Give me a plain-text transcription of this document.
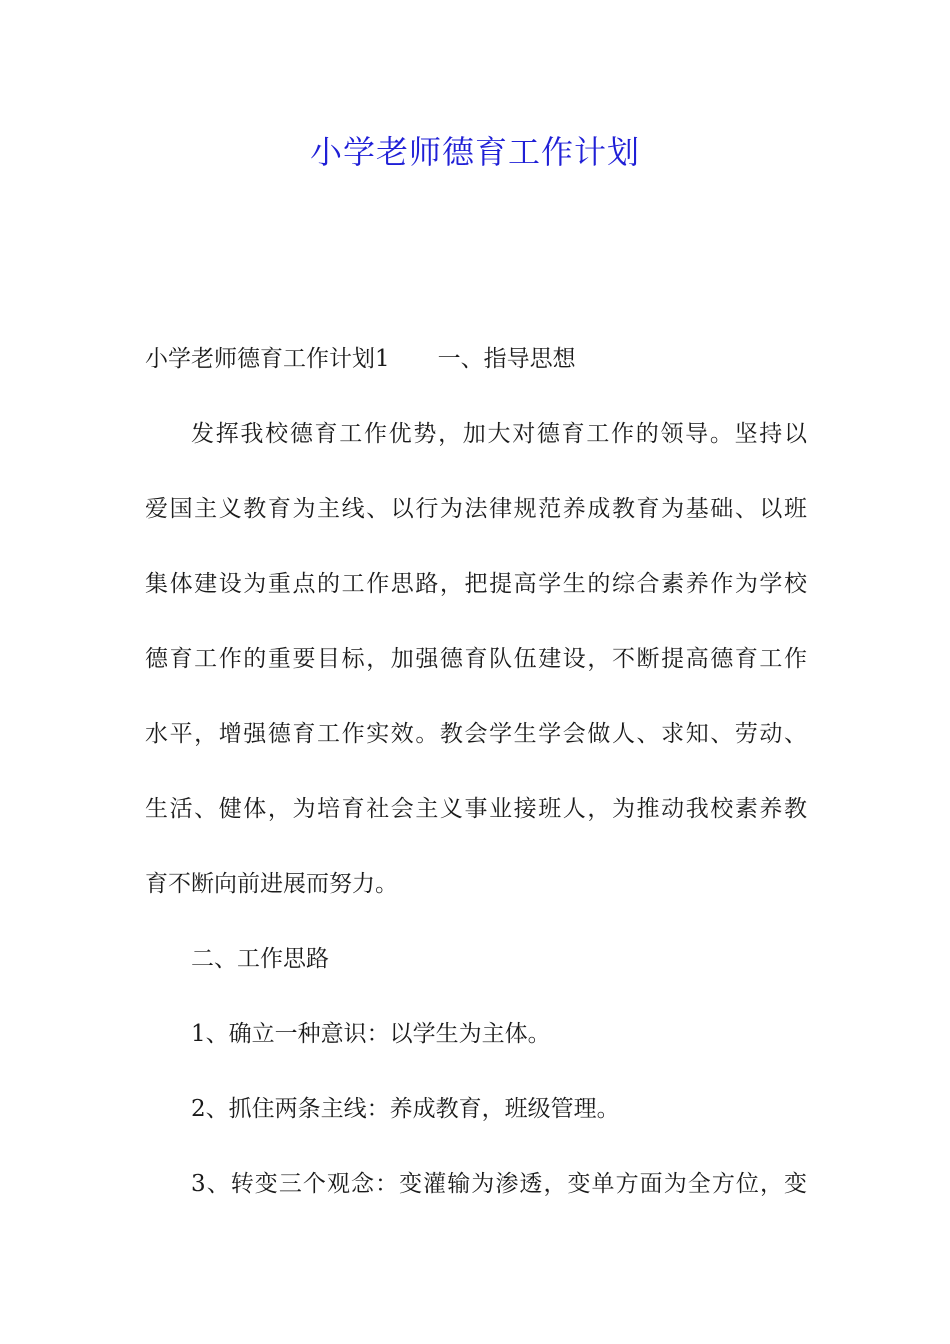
小学老师德育工作计划
小学老师德育工作计划1 一、指导思想
发挥我校德育工作优势，加大对德育工作的领导。坚持以
爱国主义教育为主线、以行为法律规范养成教育为基础、以班
集体建设为重点的工作思路，把提高学生的综合素养作为学校
德育工作的重要目标，加强德育队伍建设，不断提高德育工作
水平，增强德育工作实效。教会学生学会做人、求知、劳动、
生活、健体，为培育社会主义事业接班人，为推动我校素养教
育不断向前进展而努力。
二、工作思路
1、确立一种意识：以学生为主体。
2、抓住两条主线：养成教育，班级管理。
3、转变三个观念：变灌输为渗透，变单方面为全方位，变
